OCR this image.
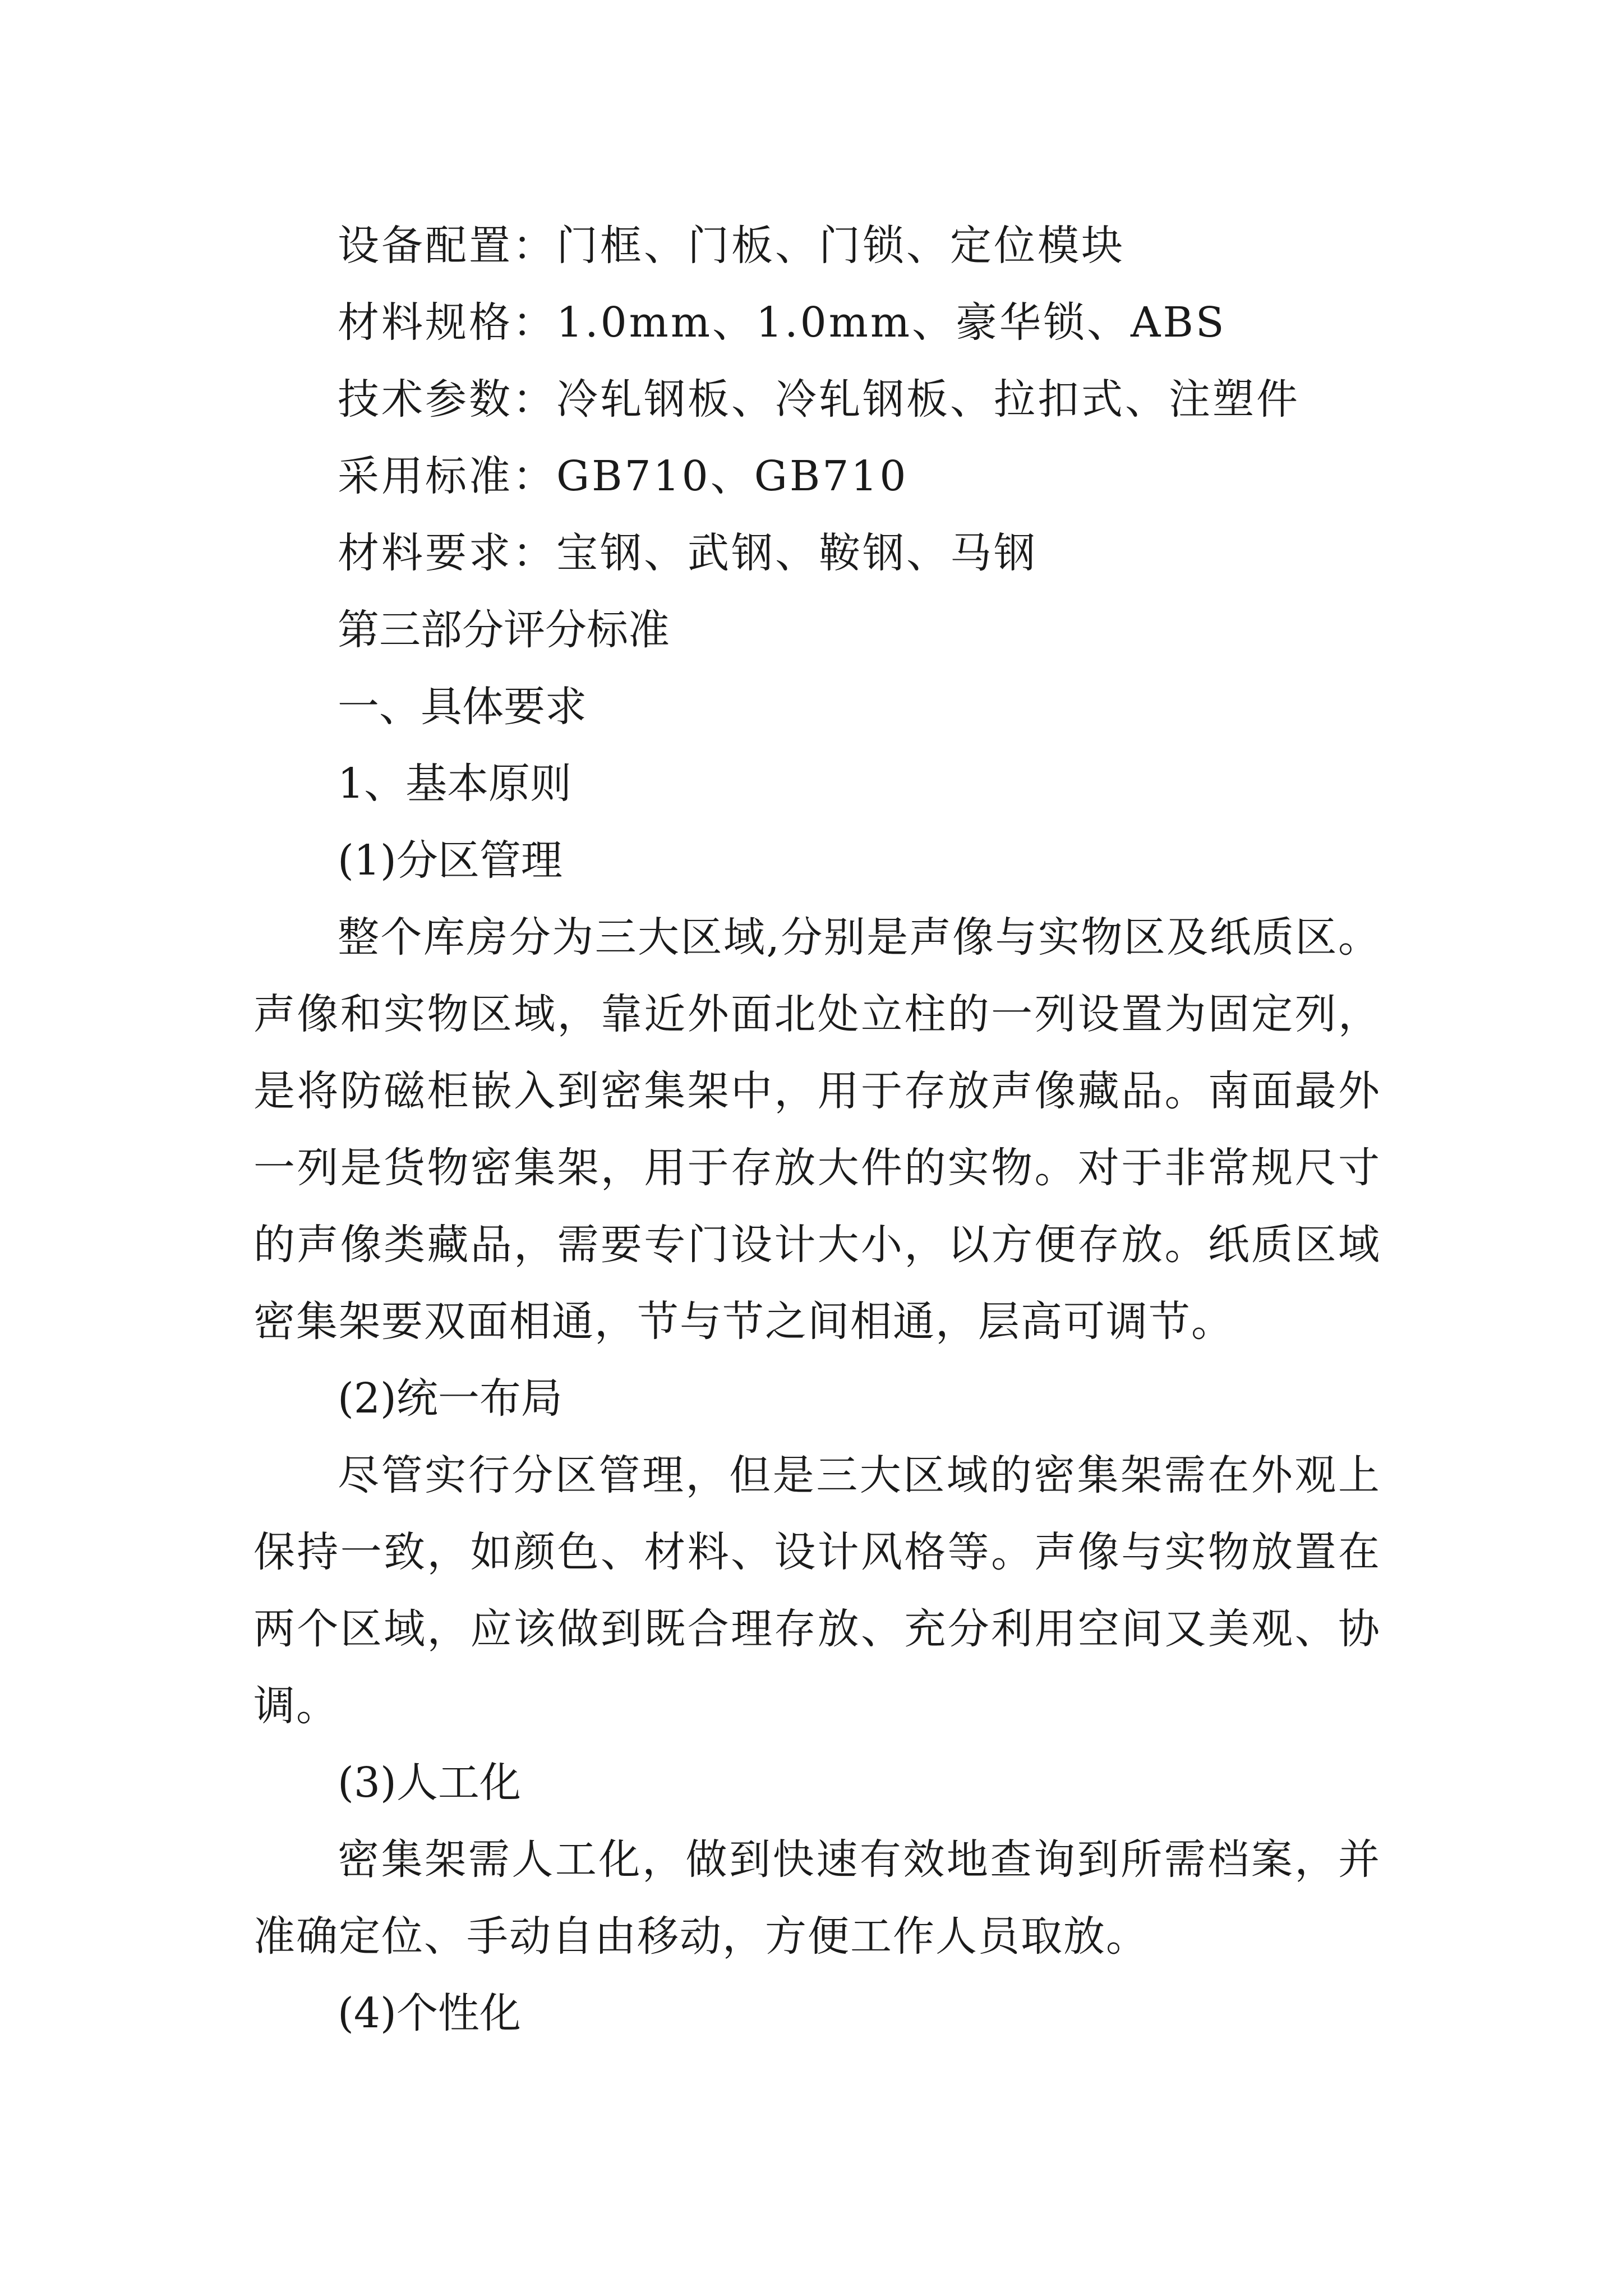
设备配置：门框、门板、门锁、定位模块

材料规格：1.0mm、1.0mm、豪华锁、ABS

技术参数：冷轧钢板、冷轧钢板、拉扣式、注塑件

采用标准：GB710、GB710

材料要求：宝钢、武钢、鞍钢、马钢

第三部分评分标准

一、具体要求

1、基本原则

(1)分区管理

整个库房分为三大区域,分别是声像与实物区及纸质区。声像和实物区域，靠近外面北处立柱的一列设置为固定列，是将防磁柜嵌入到密集架中，用于存放声像藏品。南面最外一列是货物密集架，用于存放大件的实物。对于非常规尺寸的声像类藏品，需要专门设计大小，以方便存放。纸质区域密集架要双面相通，节与节之间相通，层高可调节。

(2)统一布局

尽管实行分区管理，但是三大区域的密集架需在外观上保持一致，如颜色、材料、设计风格等。声像与实物放置在两个区域，应该做到既合理存放、充分利用空间又美观、协调。

(3)人工化

密集架需人工化，做到快速有效地查询到所需档案，并准确定位、手动自由移动，方便工作人员取放。

(4)个性化
